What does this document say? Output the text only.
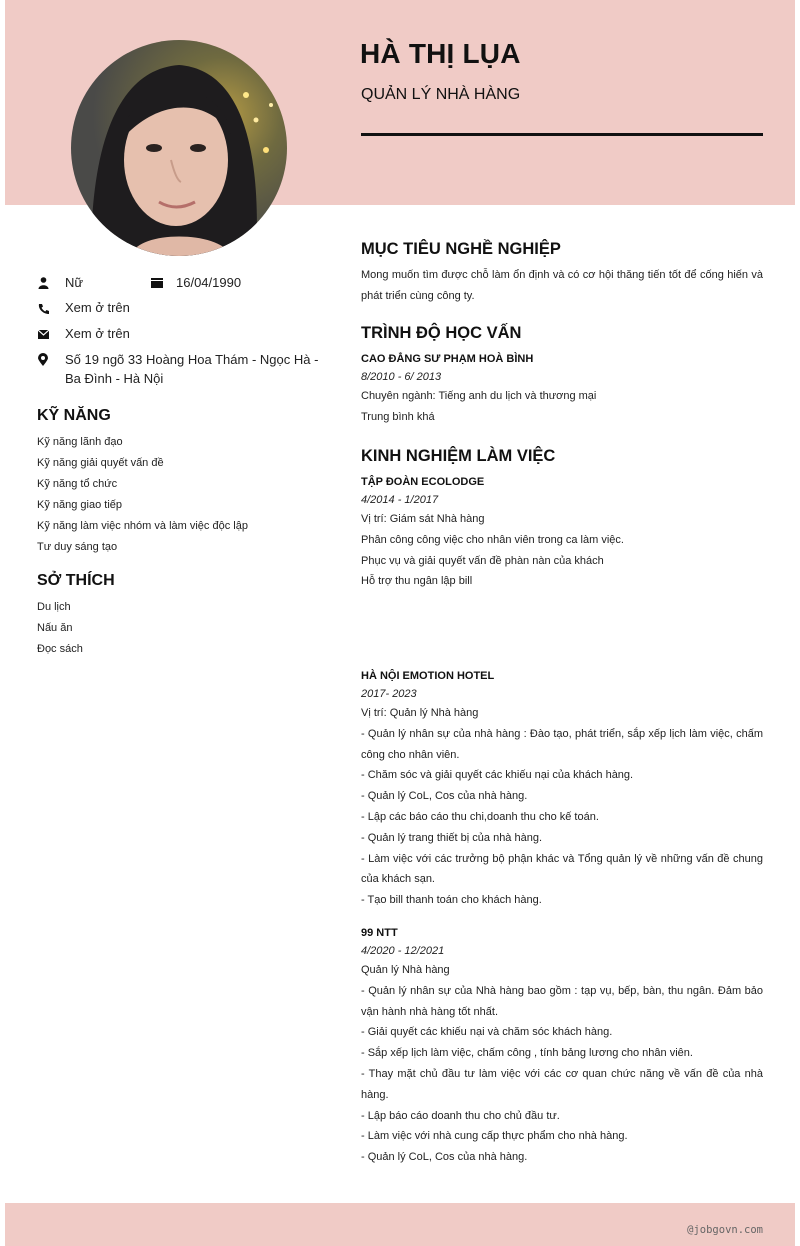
HÀ THỊ LỤA
QUẢN LÝ NHÀ HÀNG
Nữ	16/04/1990
Xem ở trên
Xem ở trên
Số 19 ngõ 33 Hoàng Hoa Thám - Ngọc Hà - Ba Đình - Hà Nội
KỸ NĂNG
Kỹ năng lãnh đạo
Kỹ năng giải quyết vấn đề
Kỹ năng tổ chức
Kỹ năng giao tiếp
Kỹ năng làm việc nhóm và làm việc độc lập
Tư duy sáng tạo
SỞ THÍCH
Du lịch
Nấu ăn
Đọc sách
MỤC TIÊU NGHỀ NGHIỆP
Mong muốn tìm được chỗ làm ổn định và có cơ hội thăng tiến tốt để cống hiến và phát triển cùng công ty.
TRÌNH ĐỘ HỌC VẤN
CAO ĐẲNG SƯ PHẠM HOÀ BÌNH
8/2010 - 6/ 2013
Chuyên ngành: Tiếng anh du lịch và thương mại
Trung bình khá
KINH NGHIỆM LÀM VIỆC
TẬP ĐOÀN ECOLODGE
4/2014 - 1/2017
Vị trí: Giám sát Nhà hàng
Phân công công việc cho nhân viên trong ca làm việc.
Phục vụ và giải quyết vấn đề phàn nàn của khách
Hỗ trợ thu ngân lập bill
HÀ NỘI EMOTION HOTEL
2017- 2023
Vị trí: Quản lý Nhà hàng
- Quản lý nhân sự của nhà hàng : Đào tạo, phát triển, sắp xếp lịch làm việc, chấm công cho nhân viên.
- Chăm sóc và giải quyết các khiếu nại của khách hàng.
- Quản lý CoL, Cos của nhà hàng.
- Lập các báo cáo thu chi,doanh thu cho kế toán.
- Quản lý trang thiết bị của nhà hàng.
- Làm việc với các trưởng bộ phận khác và Tổng quản lý về những vấn đề chung của khách sạn.
- Tạo bill thanh toán cho khách hàng.
99 NTT
4/2020 - 12/2021
Quản lý Nhà hàng
- Quản lý nhân sự của Nhà hàng bao gồm : tạp vụ, bếp, bàn, thu ngân. Đảm bảo vận hành nhà hàng tốt nhất.
- Giải quyết các khiếu nại và chăm sóc khách hàng.
- Sắp xếp lịch làm việc, chấm công , tính bảng lương cho nhân viên.
- Thay mặt chủ đầu tư làm việc với các cơ quan chức năng về vấn đề của nhà hàng.
- Lập báo cáo doanh thu cho chủ đầu tư.
- Làm việc với nhà cung cấp thực phẩm cho nhà hàng.
- Quản lý CoL, Cos của nhà hàng.
@jobgovn.com
